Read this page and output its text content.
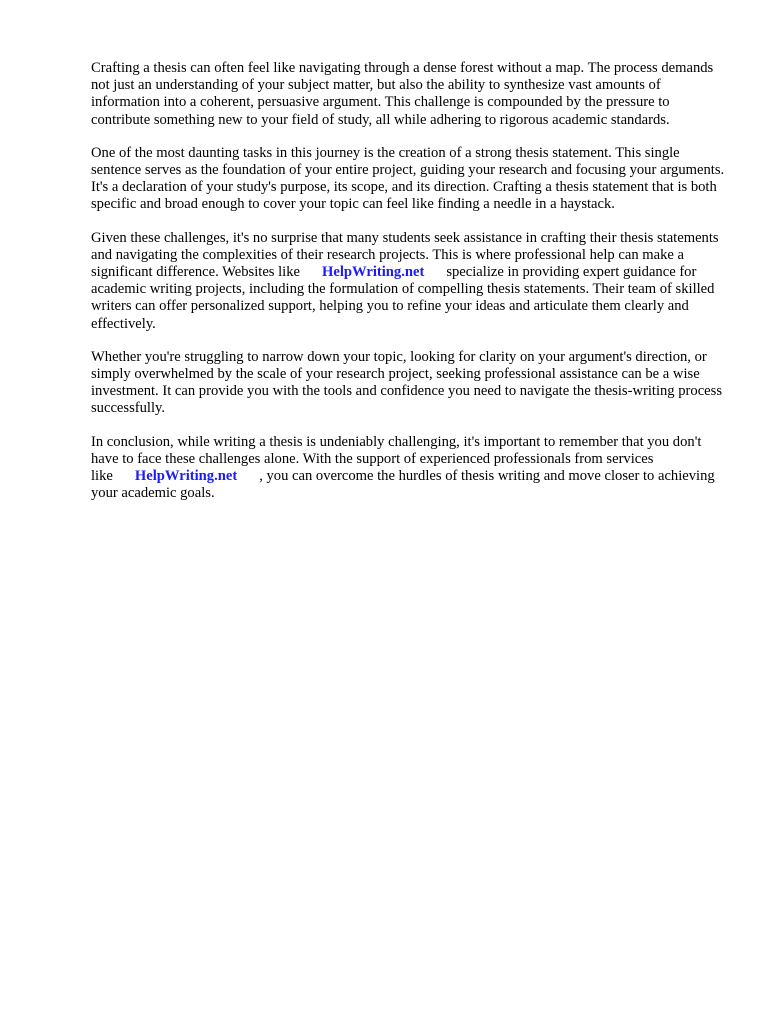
Crafting a thesis can often feel like navigating through a dense forest without a map. The process demands not just an understanding of your subject matter, but also the ability to synthesize vast amounts of information into a coherent, persuasive argument. This challenge is compounded by the pressure to contribute something new to your field of study, all while adhering to rigorous academic standards.

One of the most daunting tasks in this journey is the creation of a strong thesis statement. This single sentence serves as the foundation of your entire project, guiding your research and focusing your arguments. It's a declaration of your study's purpose, its scope, and its direction. Crafting a thesis statement that is both specific and broad enough to cover your topic can feel like finding a needle in a haystack.

Given these challenges, it's no surprise that many students seek assistance in crafting their thesis statements and navigating the complexities of their research projects. This is where professional help can make a significant difference. Websites like HelpWriting.net specialize in providing expert guidance for academic writing projects, including the formulation of compelling thesis statements. Their team of skilled writers can offer personalized support, helping you to refine your ideas and articulate them clearly and effectively.

Whether you're struggling to narrow down your topic, looking for clarity on your argument's direction, or simply overwhelmed by the scale of your research project, seeking professional assistance can be a wise investment. It can provide you with the tools and confidence you need to navigate the thesis-writing process successfully.

In conclusion, while writing a thesis is undeniably challenging, it's important to remember that you don't have to face these challenges alone. With the support of experienced professionals from services like HelpWriting.net , you can overcome the hurdles of thesis writing and move closer to achieving your academic goals.
